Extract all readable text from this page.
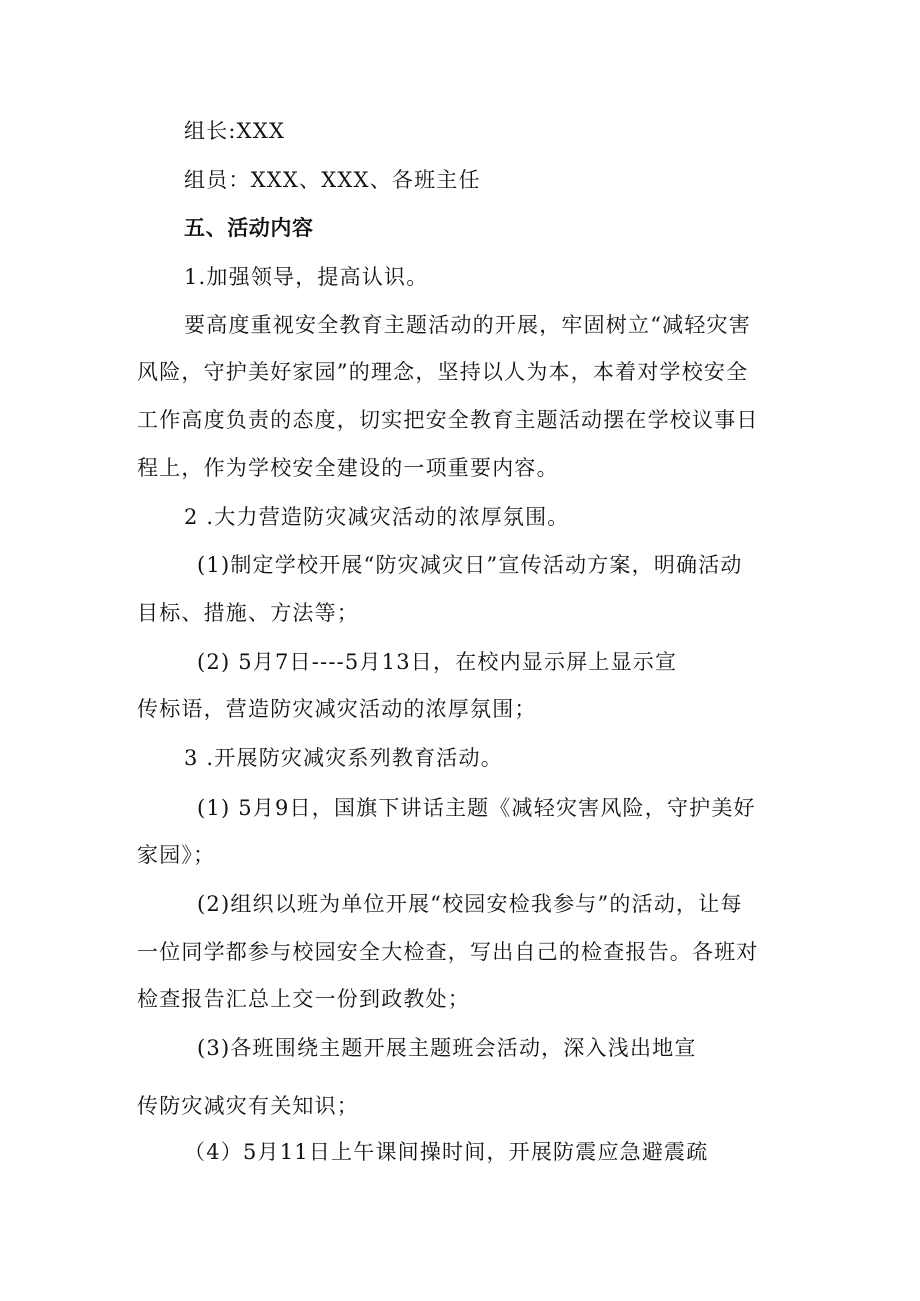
组长:XXX
组员：XXX、XXX、各班主任
五、活动内容
1.加强领导，提高认识。
要高度重视安全教育主题活动的开展，牢固树立“减轻灾害
风险，守护美好家园”的理念，坚持以人为本，本着对学校安全
工作高度负责的态度，切实把安全教育主题活动摆在学校议事日
程上，作为学校安全建设的一项重要内容。
2 .大力营造防灾减灾活动的浓厚氛围。
(1)制定学校开展“防灾减灾日”宣传活动方案，明确活动
目标、措施、方法等；
(2) 5月7日----5月13日，在校内显示屏上显示宣
传标语，营造防灾减灾活动的浓厚氛围；
3 .开展防灾减灾系列教育活动。
(1) 5月9日，国旗下讲话主题《减轻灾害风险，守护美好
家园》；
(2)组织以班为单位开展“校园安检我参与”的活动，让每
一位同学都参与校园安全大检查，写出自己的检查报告。各班对
检查报告汇总上交一份到政教处；
(3)各班围绕主题开展主题班会活动，深入浅出地宣
传防灾减灾有关知识；
（4）5月11日上午课间操时间，开展防震应急避震疏
